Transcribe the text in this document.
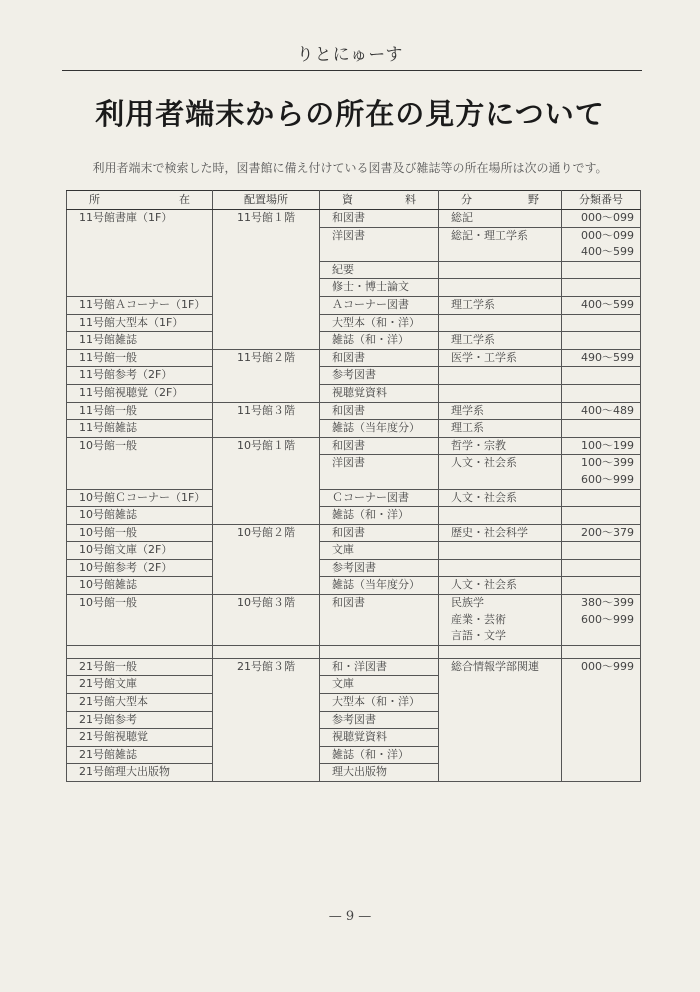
りとにゅーす
利用者端末からの所在の見方について
利用者端末で検索した時，図書館に備え付けている図書及び雑誌等の所在場所は次の通りです。
所　在	配置場所	資　料	分　野	分類番号
11号館書庫（1F）	11号館１階	和図書	総記	000〜099
		洋図書	総記・理工学系	000〜099
				400〜599
		紀要		
		修士・博士論文		
11号館Ａコーナー（1F）		Ａコーナー図書	理工学系	400〜599
11号館大型本（1F）		大型本（和・洋）		
11号館雑誌		雑誌（和・洋）	理工学系	
11号館一般	11号館２階	和図書	医学・工学系	490〜599
11号館参考（2F）		参考図書		
11号館視聴覚（2F）		視聴覚資料		
11号館一般	11号館３階	和図書	理学系	400〜489
11号館雑誌		雑誌（当年度分）	理工系	
10号館一般	10号館１階	和図書	哲学・宗教	100〜199
		洋図書	人文・社会系	100〜399
				600〜999
10号館Ｃコーナー（1F）		Ｃコーナー図書	人文・社会系	
10号館雑誌		雑誌（和・洋）		
10号館一般	10号館２階	和図書	歴史・社会科学	200〜379
10号館文庫（2F）		文庫		
10号館参考（2F）		参考図書		
10号館雑誌		雑誌（当年度分）	人文・社会系	
10号館一般	10号館３階	和図書	民族学	380〜399
			産業・芸術	600〜999
			言語・文学	

21号館一般	21号館３階	和・洋図書	総合情報学部関連	000〜999
21号館文庫		文庫		
21号館大型本		大型本（和・洋）		
21号館参考		参考図書		
21号館視聴覚		視聴覚資料		
21号館雑誌		雑誌（和・洋）		
21号館理大出版物		理大出版物		
— 9 —
